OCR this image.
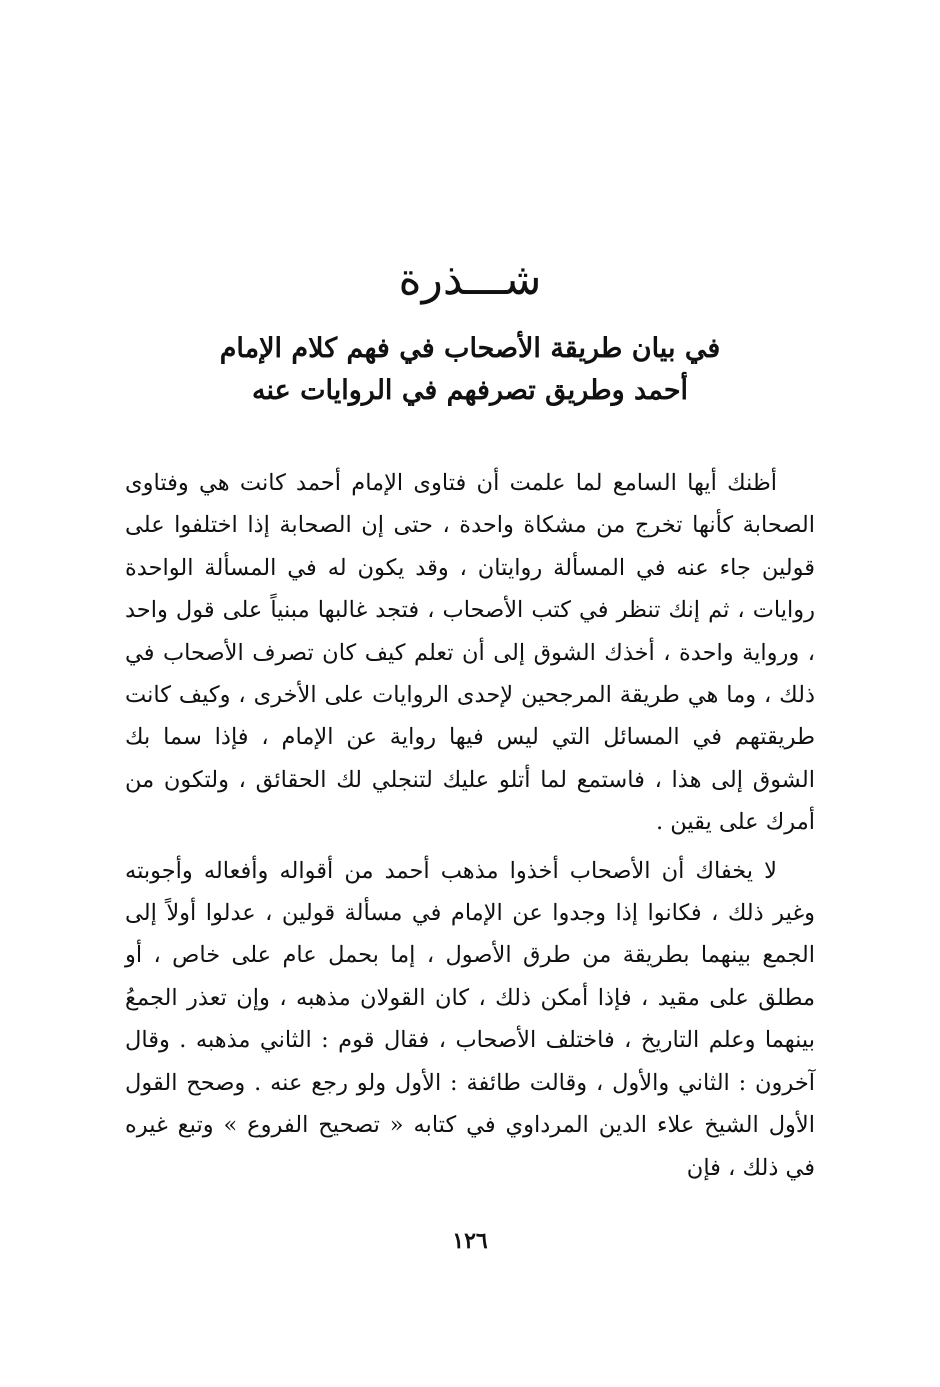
شـــذرة
في بيان طريقة الأصحاب في فهم كلام الإمام
أحمد وطريق تصرفهم في الروايات عنه

أظنك أيها السامع لما علمت أن فتاوى الإمام أحمد كانت هي وفتاوى الصحابة كأنها تخرج من مشكاة واحدة ، حتى إن الصحابة إذا اختلفوا على قولين جاء عنه في المسألة روايتان ، وقد يكون له في المسألة الواحدة روايات ، ثم إنك تنظر في كتب الأصحاب ، فتجد غالبها مبنياً على قول واحد ، ورواية واحدة ، أخذك الشوق إلى أن تعلم كيف كان تصرف الأصحاب في ذلك ، وما هي طريقة المرجحين لإحدى الروايات على الأخرى ، وكيف كانت طريقتهم في المسائل التي ليس فيها رواية عن الإمام ، فإذا سما بك الشوق إلى هذا ، فاستمع لما أتلو عليك لتنجلي لك الحقائق ، ولتكون من أمرك على يقين .

لا يخفاك أن الأصحاب أخذوا مذهب أحمد من أقواله وأفعاله وأجوبته وغير ذلك ، فكانوا إذا وجدوا عن الإمام في مسألة قولين ، عدلوا أولاً إلى الجمع بينهما بطريقة من طرق الأصول ، إما بحمل عام على خاص ، أو مطلق على مقيد ، فإذا أمكن ذلك ، كان القولان مذهبه ، وإن تعذر الجمعُ بينهما وعلم التاريخ ، فاختلف الأصحاب ، فقال قوم : الثاني مذهبه . وقال آخرون : الثاني والأول ، وقالت طائفة : الأول ولو رجع عنه . وصحح القول الأول الشيخ علاء الدين المرداوي في كتابه « تصحيح الفروع » وتبع غيره في ذلك ، فإن

١٢٦
